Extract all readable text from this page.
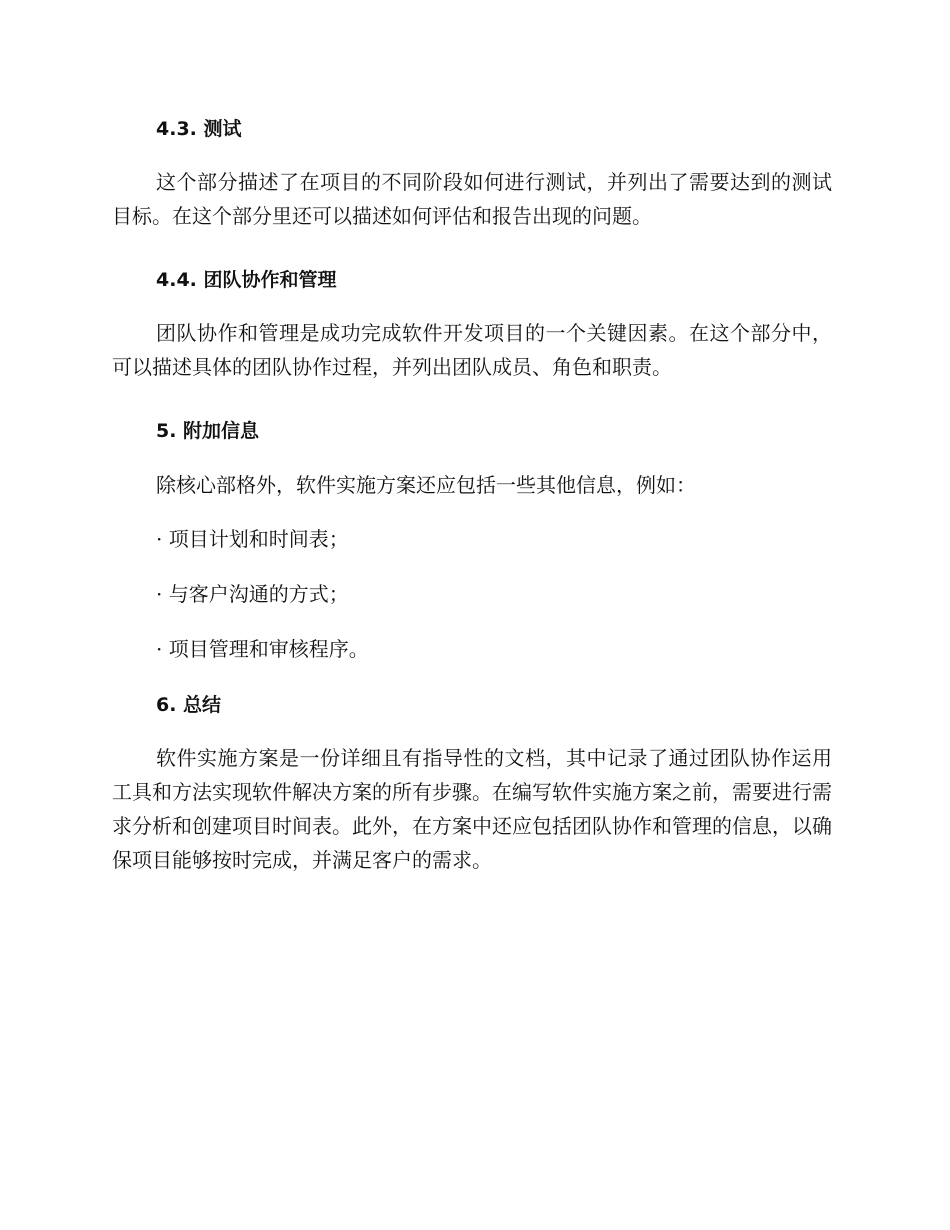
4.3. 测试

这个部分描述了在项目的不同阶段如何进行测试，并列出了需要达到的测试目标。在这个部分里还可以描述如何评估和报告出现的问题。

4.4. 团队协作和管理

团队协作和管理是成功完成软件开发项目的一个关键因素。在这个部分中，可以描述具体的团队协作过程，并列出团队成员、角色和职责。

5. 附加信息

除核心部格外，软件实施方案还应包括一些其他信息，例如：

· 项目计划和时间表；

· 与客户沟通的方式；

· 项目管理和审核程序。

6. 总结

软件实施方案是一份详细且有指导性的文档，其中记录了通过团队协作运用工具和方法实现软件解决方案的所有步骤。在编写软件实施方案之前，需要进行需求分析和创建项目时间表。此外，在方案中还应包括团队协作和管理的信息，以确保项目能够按时完成，并满足客户的需求。
